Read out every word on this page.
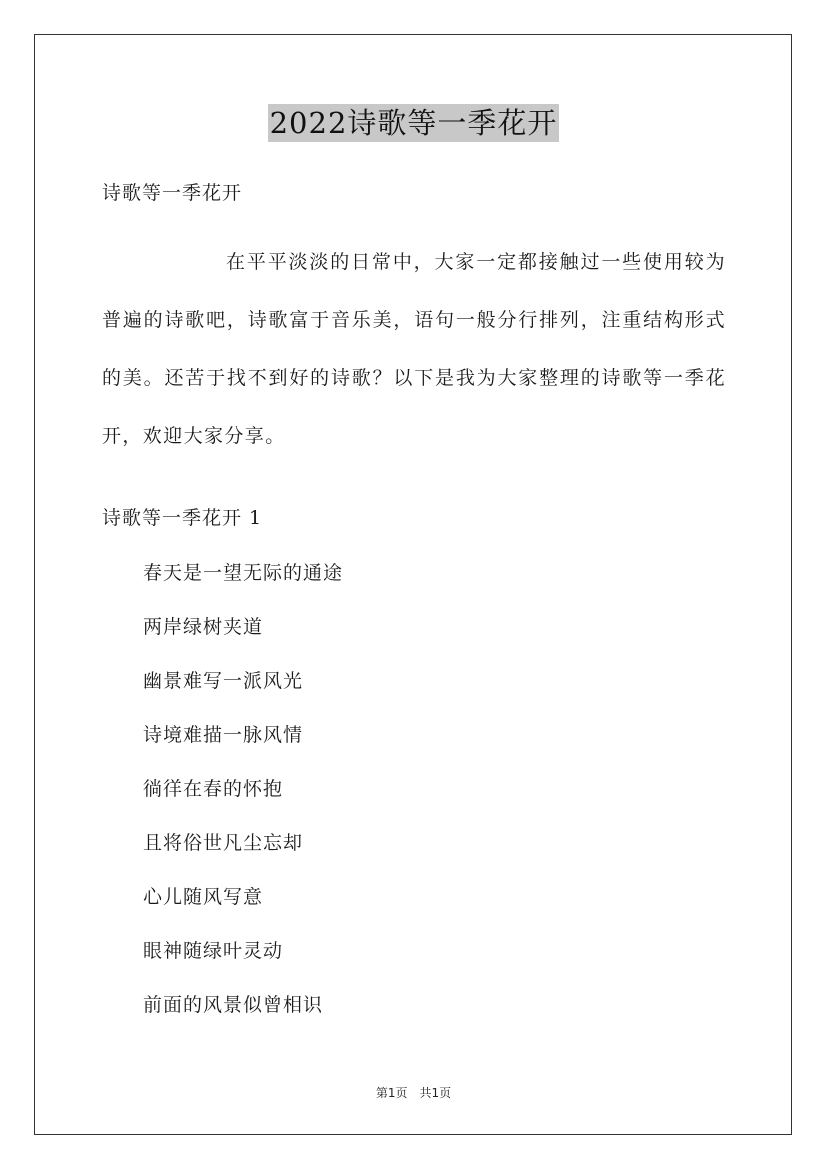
2022诗歌等一季花开
诗歌等一季花开

在平平淡淡的日常中，大家一定都接触过一些使用较为普遍的诗歌吧，诗歌富于音乐美，语句一般分行排列，注重结构形式的美。还苦于找不到好的诗歌？以下是我为大家整理的诗歌等一季花开，欢迎大家分享。

诗歌等一季花开 1
春天是一望无际的通途
两岸绿树夹道
幽景难写一派风光
诗境难描一脉风情
徜徉在春的怀抱
且将俗世凡尘忘却
心儿随风写意
眼神随绿叶灵动
前面的风景似曾相识
第1页　共1页
